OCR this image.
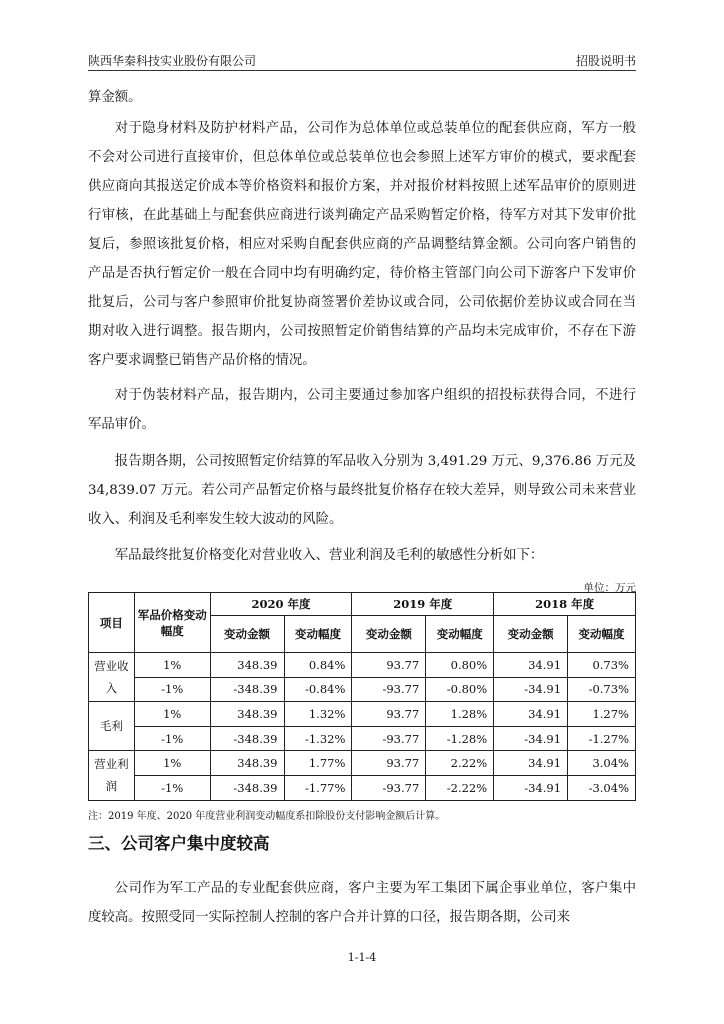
陕西华秦科技实业股份有限公司	招股说明书

算金额。

对于隐身材料及防护材料产品，公司作为总体单位或总装单位的配套供应商，军方一般不会对公司进行直接审价，但总体单位或总装单位也会参照上述军方审价的模式，要求配套供应商向其报送定价成本等价格资料和报价方案，并对报价材料按照上述军品审价的原则进行审核，在此基础上与配套供应商进行谈判确定产品采购暂定价格，待军方对其下发审价批复后，参照该批复价格，相应对采购自配套供应商的产品调整结算金额。公司向客户销售的产品是否执行暂定价一般在合同中均有明确约定，待价格主管部门向公司下游客户下发审价批复后，公司与客户参照审价批复协商签署价差协议或合同，公司依据价差协议或合同在当期对收入进行调整。报告期内，公司按照暂定价销售结算的产品均未完成审价，不存在下游客户要求调整已销售产品价格的情况。

对于伪装材料产品，报告期内，公司主要通过参加客户组织的招投标获得合同，不进行军品审价。

报告期各期，公司按照暂定价结算的军品收入分别为 3,491.29 万元、9,376.86 万元及 34,839.07 万元。若公司产品暂定价格与最终批复价格存在较大差异，则导致公司未来营业收入、利润及毛利率发生较大波动的风险。

军品最终批复价格变化对营业收入、营业利润及毛利的敏感性分析如下：

单位：万元
项目	军品价格变动幅度	2020 年度		2019 年度		2018 年度	
		变动金额	变动幅度	变动金额	变动幅度	变动金额	变动幅度
营业收入	1%	348.39	0.84%	93.77	0.80%	34.91	0.73%
	-1%	-348.39	-0.84%	-93.77	-0.80%	-34.91	-0.73%
毛利	1%	348.39	1.32%	93.77	1.28%	34.91	1.27%
	-1%	-348.39	-1.32%	-93.77	-1.28%	-34.91	-1.27%
营业利润	1%	348.39	1.77%	93.77	2.22%	34.91	3.04%
	-1%	-348.39	-1.77%	-93.77	-2.22%	-34.91	-3.04%
注：2019 年度、2020 年度营业利润变动幅度系扣除股份支付影响金额后计算。
三、公司客户集中度较高

公司作为军工产品的专业配套供应商，客户主要为军工集团下属企事业单位，客户集中度较高。按照受同一实际控制人控制的客户合并计算的口径，报告期各期，公司来

1-1-4
